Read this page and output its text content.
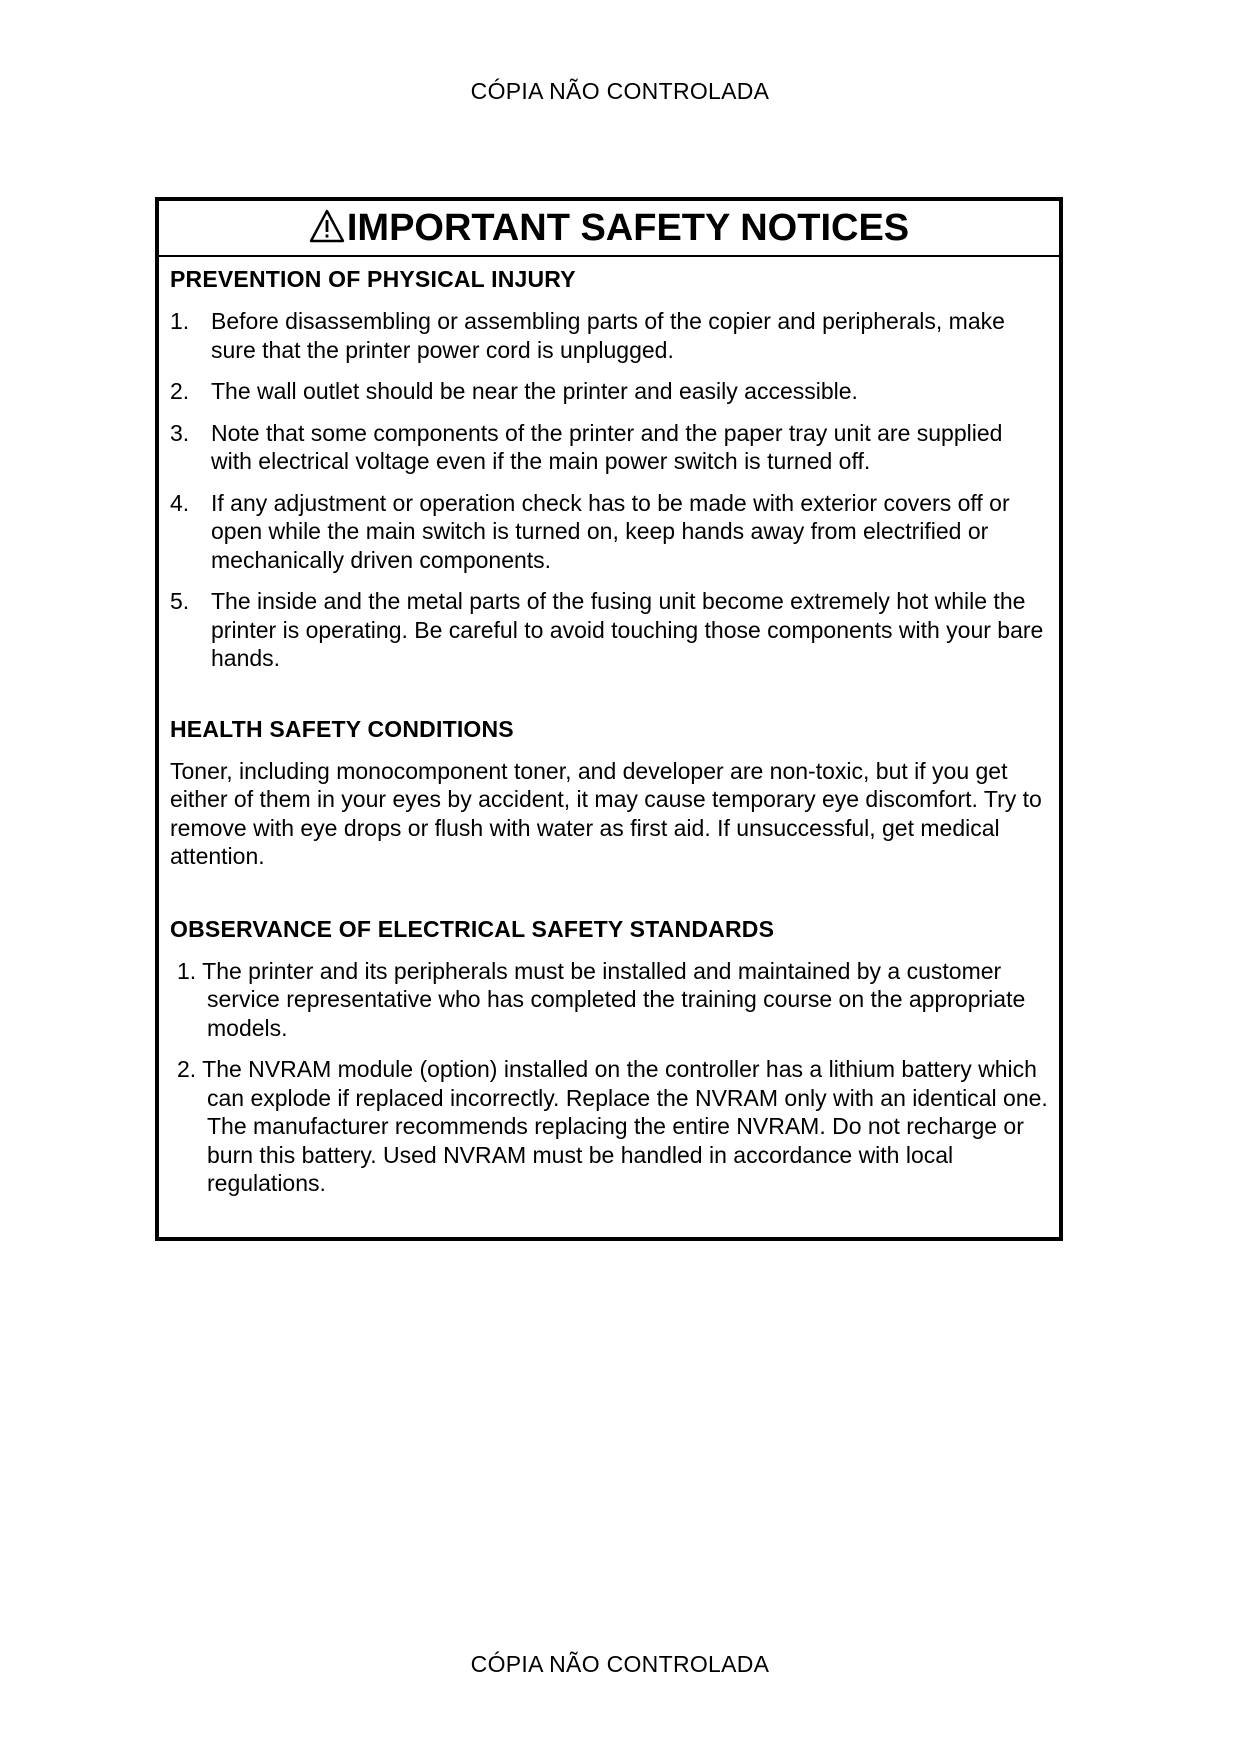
CÓPIA NÃO CONTROLADA
IMPORTANT SAFETY NOTICES
PREVENTION OF PHYSICAL INJURY
1. Before disassembling or assembling parts of the copier and peripherals, make sure that the printer power cord is unplugged.
2. The wall outlet should be near the printer and easily accessible.
3. Note that some components of the printer and the paper tray unit are supplied with electrical voltage even if the main power switch is turned off.
4. If any adjustment or operation check has to be made with exterior covers off or open while the main switch is turned on, keep hands away from electrified or mechanically driven components.
5. The inside and the metal parts of the fusing unit become extremely hot while the printer is operating. Be careful to avoid touching those components with your bare hands.
HEALTH SAFETY CONDITIONS

Toner, including monocomponent toner, and developer are non-toxic, but if you get either of them in your eyes by accident, it may cause temporary eye discomfort. Try to remove with eye drops or flush with water as first aid. If unsuccessful, get medical attention.

OBSERVANCE OF ELECTRICAL SAFETY STANDARDS
1. The printer and its peripherals must be installed and maintained by a customer service representative who has completed the training course on the appropriate models.
2. The NVRAM module (option) installed on the controller has a lithium battery which can explode if replaced incorrectly. Replace the NVRAM only with an identical one. The manufacturer recommends replacing the entire NVRAM. Do not recharge or burn this battery. Used NVRAM must be handled in accordance with local regulations.
CÓPIA NÃO CONTROLADA
